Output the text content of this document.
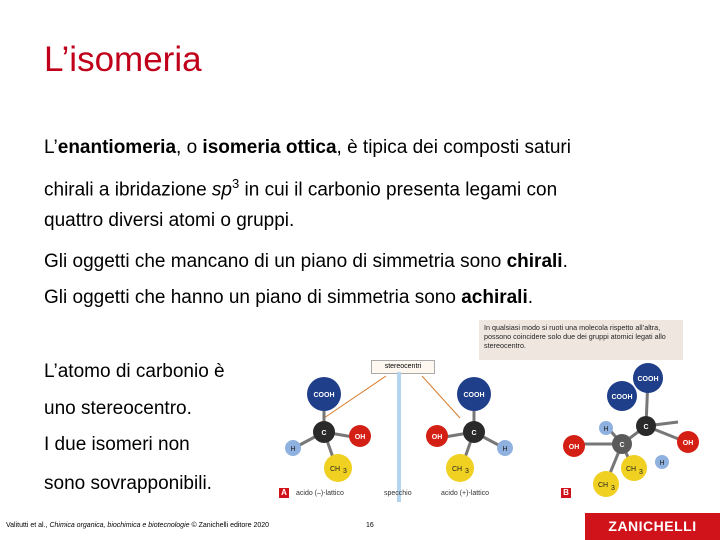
L’isomeria
L’enantiomeria, o isomeria ottica, è tipica dei composti saturi
chirali a ibridazione $sp^3$ in cui il carbonio presenta legami con
quattro diversi atomi o gruppi.
Gli oggetti che mancano di un piano di simmetria sono chirali.
Gli oggetti che hanno un piano di simmetria sono achirali.
L’atomo di carbonio è
uno stereocentro.
I due isomeri non
sono sovrapponibili.
In qualsiasi modo si ruoti una molecola rispetto all’altra, possono coincidere solo due dei gruppi atomici legati allo stereocentro.
stereocentri
COOH
C
OH
H
CH 3
COOH
C
OH
H
CH 3
COOH
COOH
C
C
H
OH
OH
H
CH 3
CH 3
A	B
acido (–)-lattico	specchio	acido (+)-lattico
Valitutti et al., Chimica organica, biochimica e biotecnologie © Zanichelli editore 2020	16	ZANICHELLI
